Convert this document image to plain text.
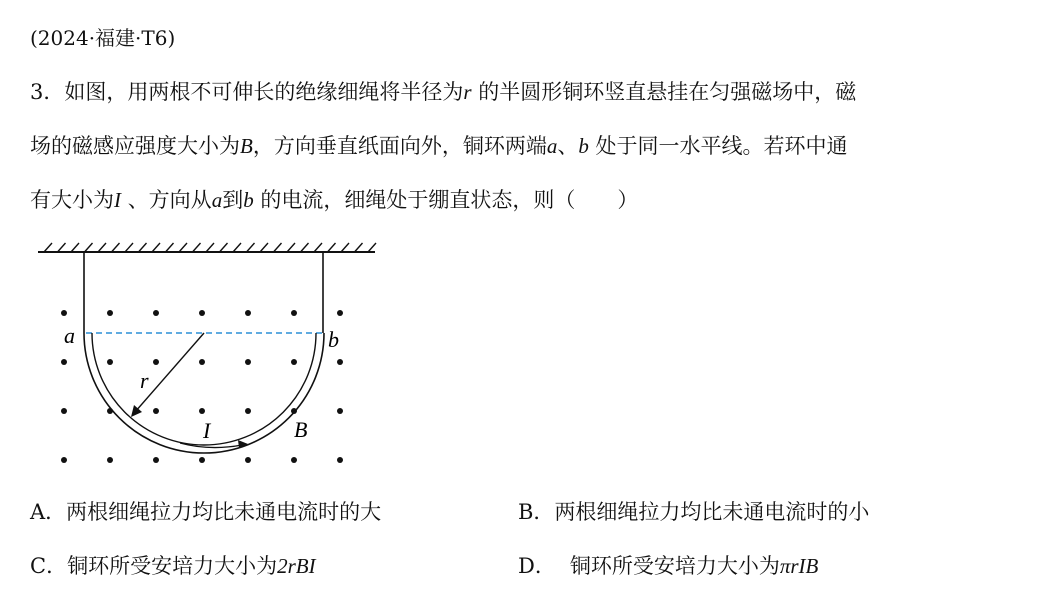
(2024·福建·T6)
3．如图，用两根不可伸长的绝缘细绳将半径为r 的半圆形铜环竖直悬挂在匀强磁场中，磁
场的磁感应强度大小为B，方向垂直纸面向外，铜环两端a、b 处于同一水平线。若环中通
有大小为I 、方向从a到b 的电流，细绳处于绷直状态，则（　　）
a	b
r
I	B
A．两根细绳拉力均比未通电流时的大	B．两根细绳拉力均比未通电流时的小
C．铜环所受安培力大小为2rBI	D． 铜环所受安培力大小为πrIB
